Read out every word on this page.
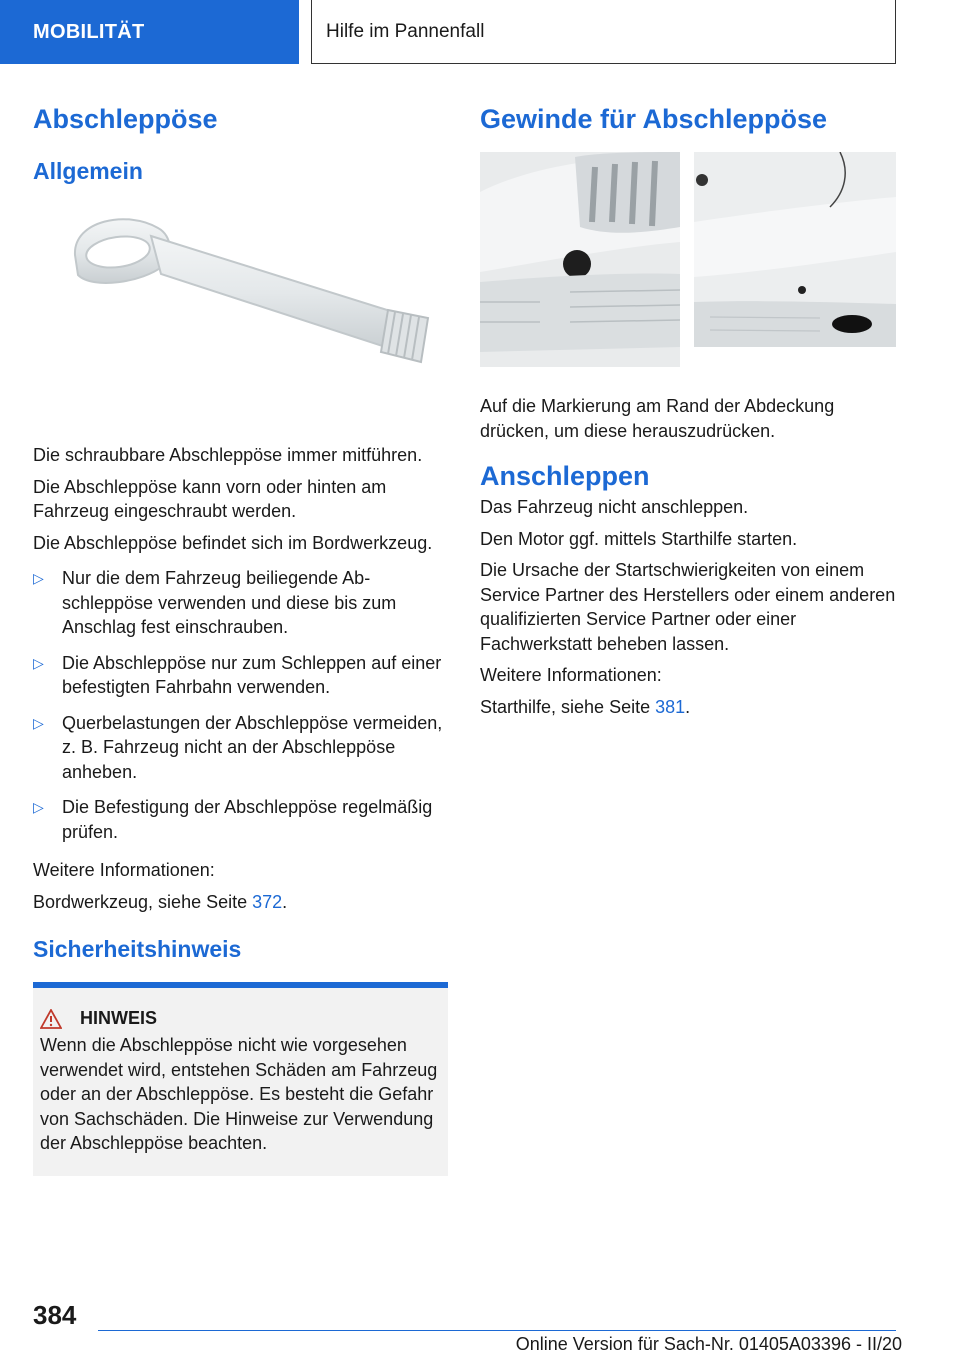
MOBILITÄT	Hilfe im Pannenfall
Abschleppöse
Allgemein

Die schraubbare Abschleppöse immer mitführen.

Die Abschleppöse kann vorn oder hinten am Fahrzeug eingeschraubt werden.

Die Abschleppöse befindet sich im Bordwerkzeug.

▷ Nur die dem Fahrzeug beiliegende Abschleppöse verwenden und diese bis zum Anschlag fest einschrauben.
▷ Die Abschleppöse nur zum Schleppen auf einer befestigten Fahrbahn verwenden.
▷ Querbelastungen der Abschleppöse vermeiden, z. B. Fahrzeug nicht an der Abschleppöse anheben.
▷ Die Befestigung der Abschleppöse regelmäßig prüfen.

Weitere Informationen:

Bordwerkzeug, siehe Seite 372.

Sicherheitshinweis
HINWEIS

Wenn die Abschleppöse nicht wie vorgesehen verwendet wird, entstehen Schäden am Fahrzeug oder an der Abschleppöse. Es besteht die Gefahr von Sachschäden. Die Hinweise zur Verwendung der Abschleppöse beachten.

Gewinde für Abschleppöse

Auf die Markierung am Rand der Abdeckung drücken, um diese herauszudrücken.

Anschleppen

Das Fahrzeug nicht anschleppen.

Den Motor ggf. mittels Starthilfe starten.

Die Ursache der Startschwierigkeiten von einem Service Partner des Herstellers oder einem anderen qualifizierten Service Partner oder einer Fachwerkstatt beheben lassen.

Weitere Informationen:

Starthilfe, siehe Seite 381.

384
Online Version für Sach-Nr. 01405A03396 - II/20
